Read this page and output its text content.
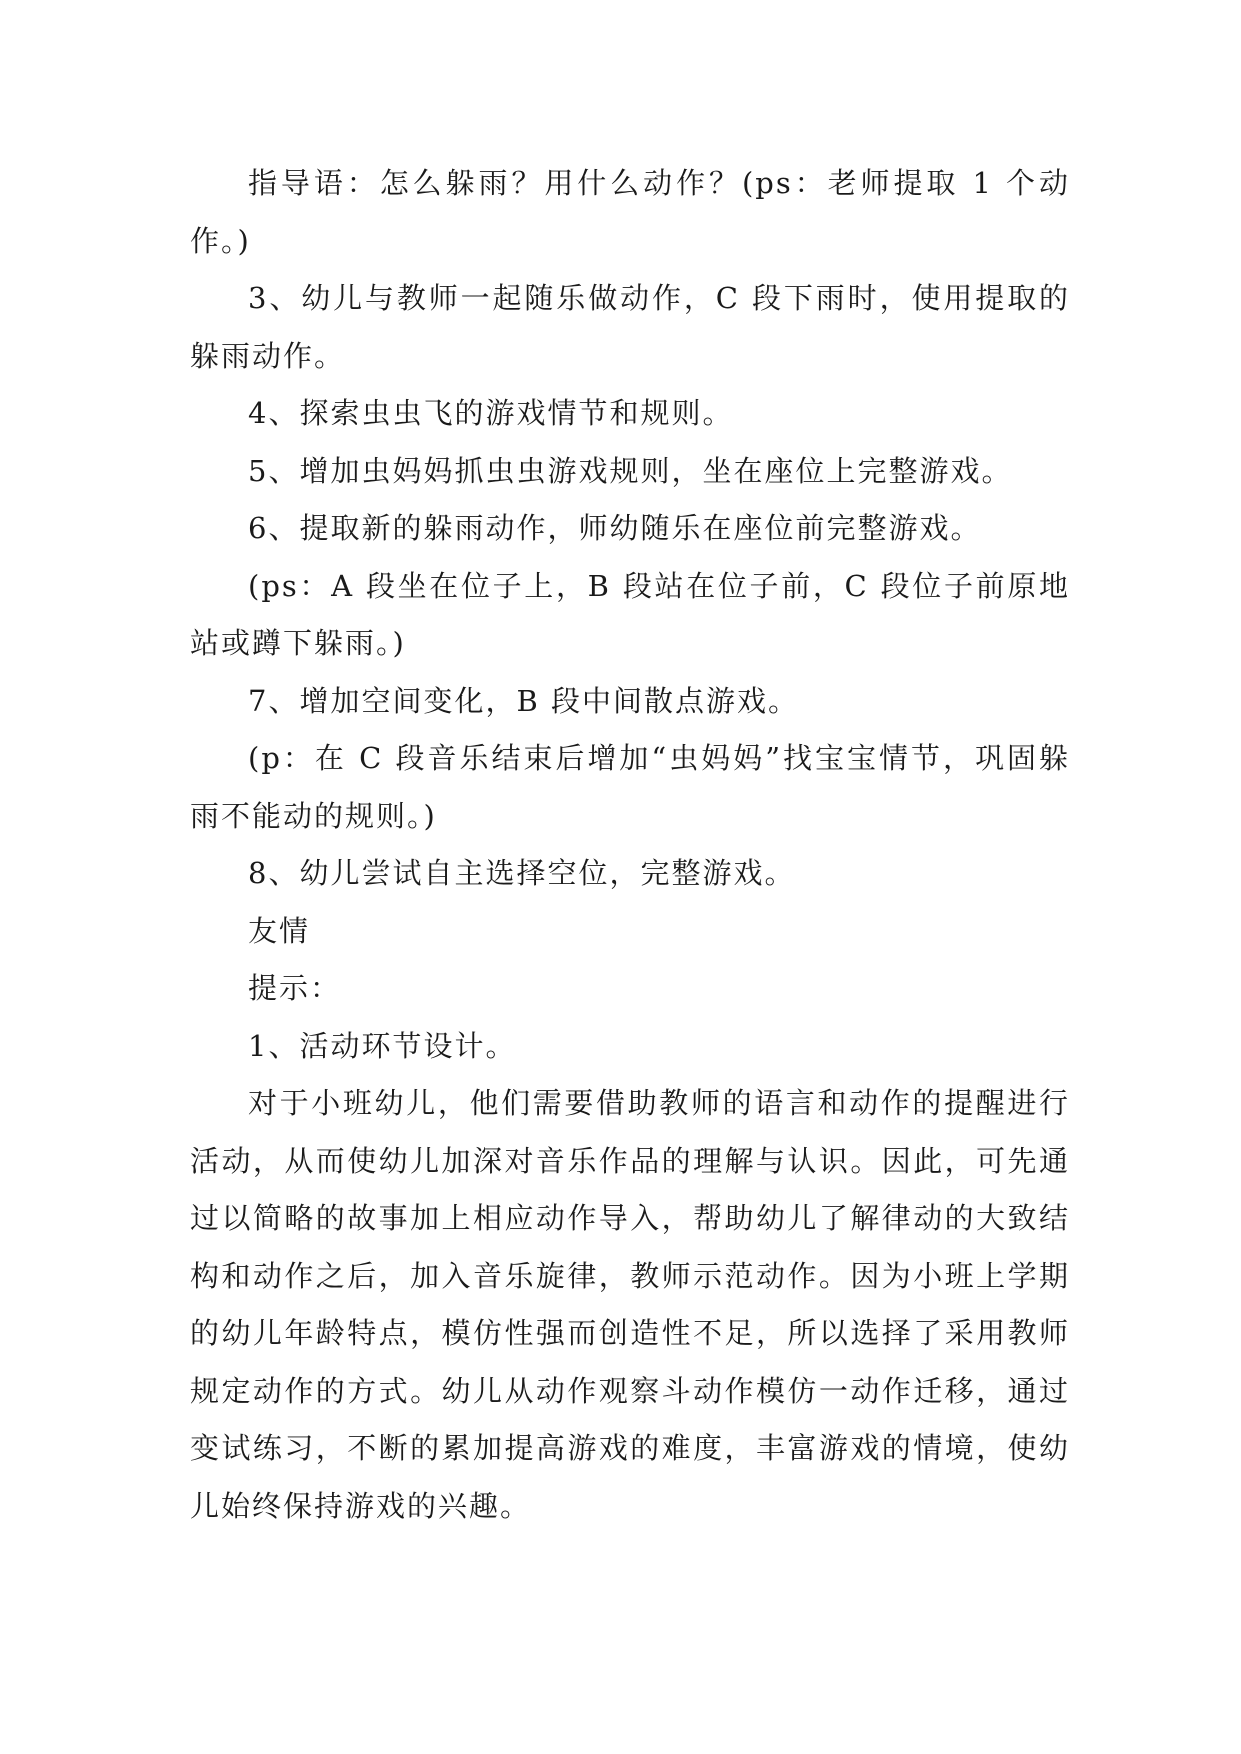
指导语：怎么躲雨？用什么动作？(ps：老师提取 1 个动作。)

3、幼儿与教师一起随乐做动作，C 段下雨时，使用提取的躲雨动作。

4、探索虫虫飞的游戏情节和规则。

5、增加虫妈妈抓虫虫游戏规则，坐在座位上完整游戏。

6、提取新的躲雨动作，师幼随乐在座位前完整游戏。

(ps：A 段坐在位子上，B 段站在位子前，C 段位子前原地站或蹲下躲雨。)

7、增加空间变化，B 段中间散点游戏。

(p：在 C 段音乐结束后增加“虫妈妈”找宝宝情节，巩固躲雨不能动的规则。)

8、幼儿尝试自主选择空位，完整游戏。

友情

提示：

1、活动环节设计。

对于小班幼儿，他们需要借助教师的语言和动作的提醒进行活动，从而使幼儿加深对音乐作品的理解与认识。因此，可先通过以简略的故事加上相应动作导入，帮助幼儿了解律动的大致结构和动作之后，加入音乐旋律，教师示范动作。因为小班上学期的幼儿年龄特点，模仿性强而创造性不足，所以选择了采用教师规定动作的方式。幼儿从动作观察斗动作模仿一动作迁移，通过变试练习，不断的累加提高游戏的难度，丰富游戏的情境，使幼儿始终保持游戏的兴趣。
